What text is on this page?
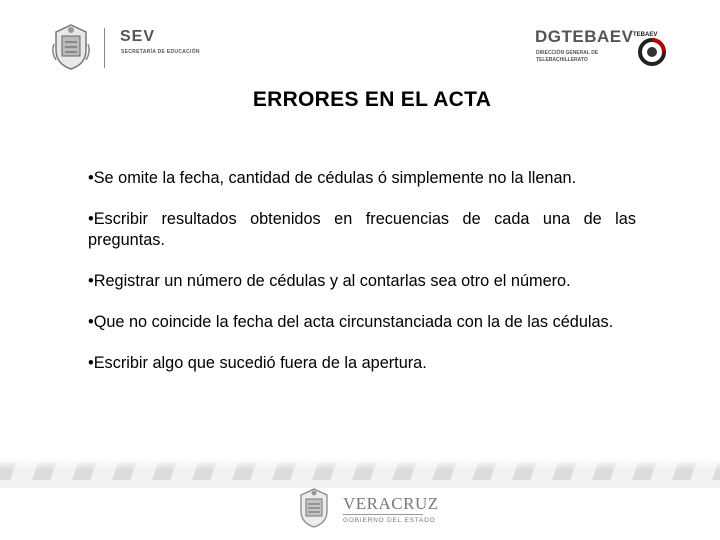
SEV
SECRETARÍA DE EDUCACIÓN
DGTEBAEV
DIRECCIÓN GENERAL DE
TELEBACHILLERATO
TEBAEV
ERRORES EN EL ACTA

•Se omite la fecha, cantidad de cédulas ó simplemente no la llenan.

•Escribir resultados obtenidos en frecuencias de cada una de las preguntas.

•Registrar un número de cédulas y al contarlas sea otro el número.

•Que no coincide la fecha del acta circunstanciada con la de las cédulas.

•Escribir algo que sucedió fuera de la apertura.

VERACRUZ
GOBIERNO DEL ESTADO
